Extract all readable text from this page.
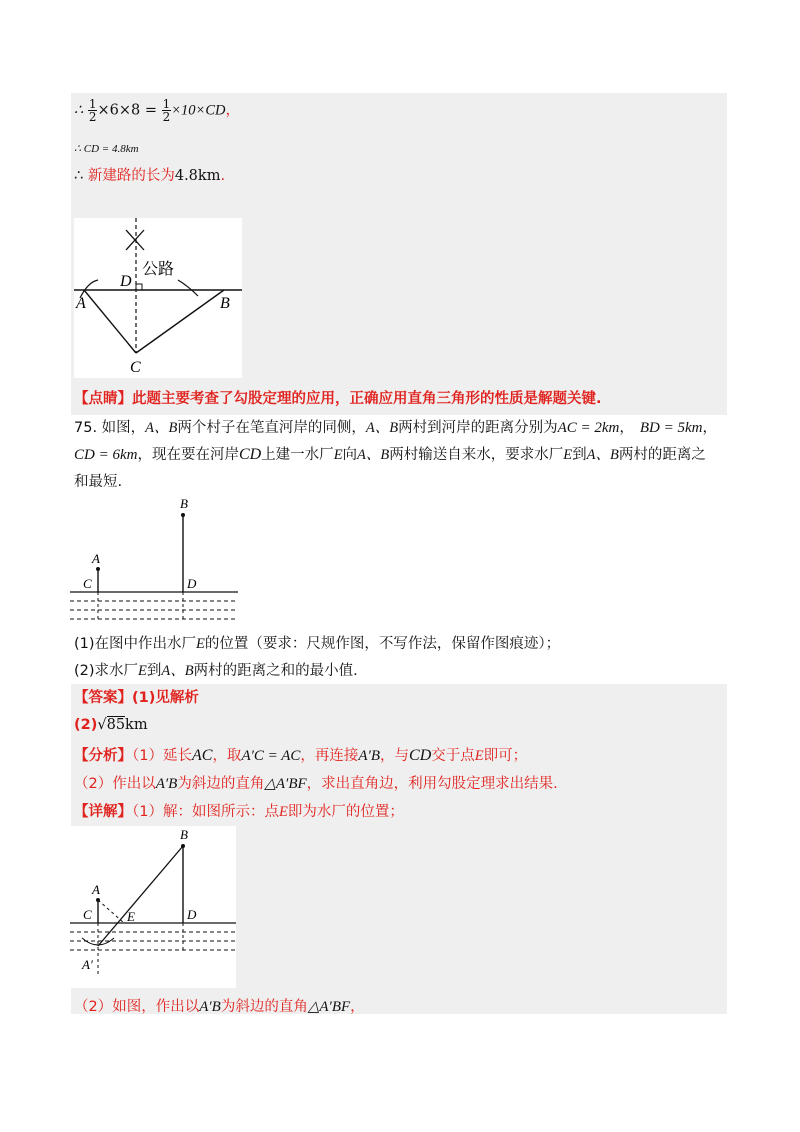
∴ $\frac{1}{2} \times 6\times 8 = \frac{1}{2} \times 10\times CD$，
∴ CD = 4.8km
∴ 新建路的长为4.8km.
A	B
C
D
公路
【点睛】此题主要考查了勾股定理的应用，正确应用直角三角形的性质是解题关键.
75. 如图，A、B两个村子在笔直河岸的同侧，A、B两村到河岸的距离分别为AC = 2km， BD = 5km，
CD = 6km，现在要在河岸CD上建一水厂E向A、B两村输送自来水，要求水厂E到A、B两村的距离之
和最短.
A
B
C	D
(1)在图中作出水厂E的位置（要求：尺规作图，不写作法，保留作图痕迹）；
(2)求水厂E到A、B两村的距离之和的最小值.
【答案】(1)见解析
(2)√85km
【分析】（1）延长AC，取A′C = AC，再连接A′B，与CD交于点E即可；
（2）作出以A′B为斜边的直角△A′BF，求出直角边，利用勾股定理求出结果.
【详解】（1）解：如图所示：点E即为水厂的位置；
A
B
C	D
E
A′
（2）如图，作出以A′B为斜边的直角△A′BF，
